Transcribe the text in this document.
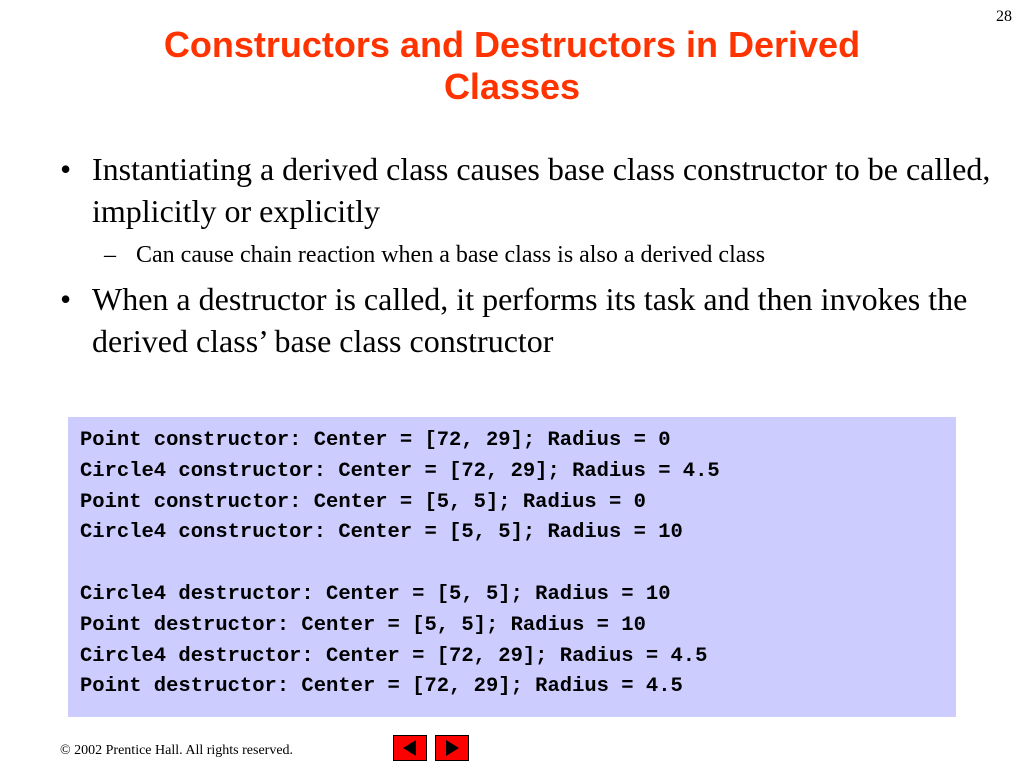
28
Constructors and Destructors in Derived
Classes
• Instantiating a derived class causes base class constructor to be called, implicitly or explicitly
– Can cause chain reaction when a base class is also a derived class
• When a destructor is called, it performs its task and then invokes the derived class’ base class constructor
Point constructor: Center = [72, 29]; Radius = 0
Circle4 constructor: Center = [72, 29]; Radius = 4.5
Point constructor: Center = [5, 5]; Radius = 0
Circle4 constructor: Center = [5, 5]; Radius = 10
Circle4 destructor: Center = [5, 5]; Radius = 10
Point destructor: Center = [5, 5]; Radius = 10
Circle4 destructor: Center = [72, 29]; Radius = 4.5
Point destructor: Center = [72, 29]; Radius = 4.5
© 2002 Prentice Hall. All rights reserved.
